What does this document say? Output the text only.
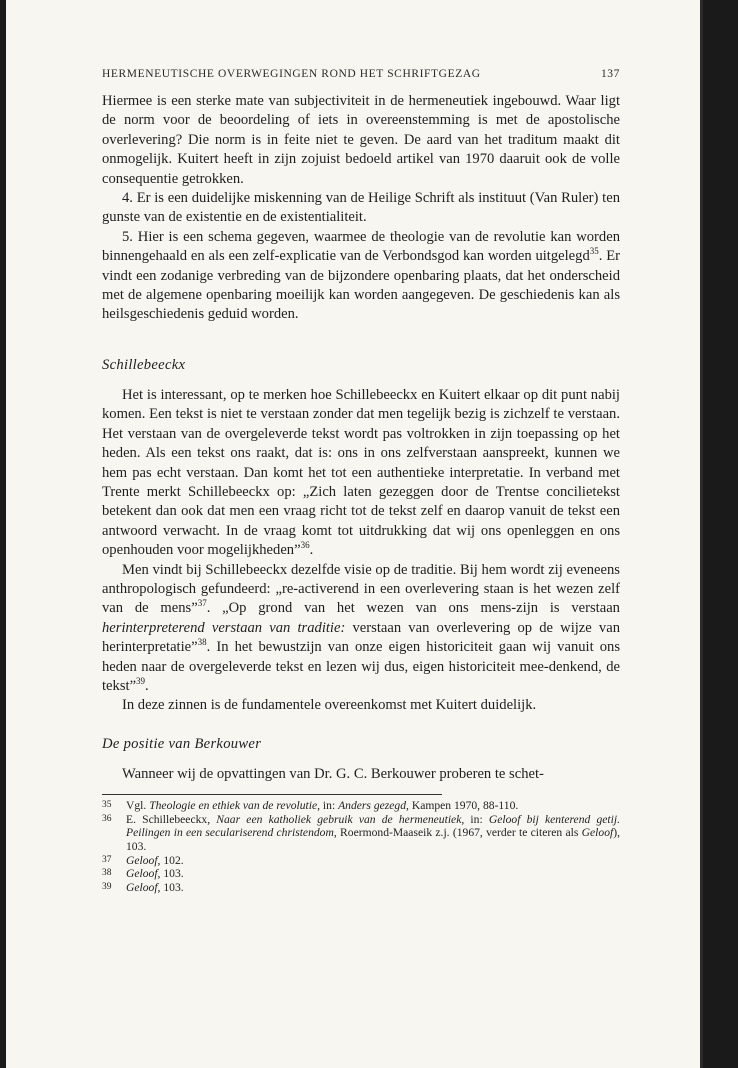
HERMENEUTISCHE OVERWEGINGEN ROND HET SCHRIFTGEZAG	137

Hiermee is een sterke mate van subjectiviteit in de hermeneutiek ingebouwd. Waar ligt de norm voor de beoordeling of iets in overeenstemming is met de apostolische overlevering? Die norm is in feite niet te geven. De aard van het traditum maakt dit onmogelijk. Kuitert heeft in zijn zojuist bedoeld artikel van 1970 daaruit ook de volle consequentie getrokken.

4. Er is een duidelijke miskenning van de Heilige Schrift als instituut (Van Ruler) ten gunste van de existentie en de existentialiteit.

5. Hier is een schema gegeven, waarmee de theologie van de revolutie kan worden binnengehaald en als een zelf-explicatie van de Verbondsgod kan worden uitgelegd$^{35}$. Er vindt een zodanige verbreding van de bijzondere openbaring plaats, dat het onderscheid met de algemene openbaring moeilijk kan worden aangegeven. De geschiedenis kan als heilsgeschiedenis geduid worden.

Schillebeeckx

Het is interessant, op te merken hoe Schillebeeckx en Kuitert elkaar op dit punt nabij komen. Een tekst is niet te verstaan zonder dat men tegelijk bezig is zichzelf te verstaan. Het verstaan van de overgeleverde tekst wordt pas voltrokken in zijn toepassing op het heden. Als een tekst ons raakt, dat is: ons in ons zelfverstaan aanspreekt, kunnen we hem pas echt verstaan. Dan komt het tot een authentieke interpretatie. In verband met Trente merkt Schillebeeckx op: „Zich laten gezeggen door de Trentse concilietekst betekent dan ook dat men een vraag richt tot de tekst zelf en daarop vanuit de tekst een antwoord verwacht. In de vraag komt tot uitdrukking dat wij ons openleggen en ons openhouden voor mogelijkheden”$^{36}$.

Men vindt bij Schillebeeckx dezelfde visie op de traditie. Bij hem wordt zij eveneens anthropologisch gefundeerd: „re-activerend in een overlevering staan is het wezen zelf van de mens”$^{37}$. „Op grond van het wezen van ons mens-zijn is verstaan herinterpreterend verstaan van traditie: verstaan van overlevering op de wijze van herinterpretatie”$^{38}$. In het bewustzijn van onze eigen historiciteit gaan wij vanuit ons heden naar de overgeleverde tekst en lezen wij dus, eigen historiciteit mee-denkend, de tekst”$^{39}$.

In deze zinnen is de fundamentele overeenkomst met Kuitert duidelijk.

De positie van Berkouwer

Wanneer wij de opvattingen van Dr. G. C. Berkouwer proberen te schet-

35	Vgl. Theologie en ethiek van de revolutie, in: Anders gezegd, Kampen 1970, 88-110.
36	E. Schillebeeckx, Naar een katholiek gebruik van de hermeneutiek, in: Geloof bij kenterend getij. Peilingen in een seculariserend christendom, Roermond-Maaseik z.j. (1967, verder te citeren als Geloof), 103.
37	Geloof, 102.
38	Geloof, 103.
39	Geloof, 103.
